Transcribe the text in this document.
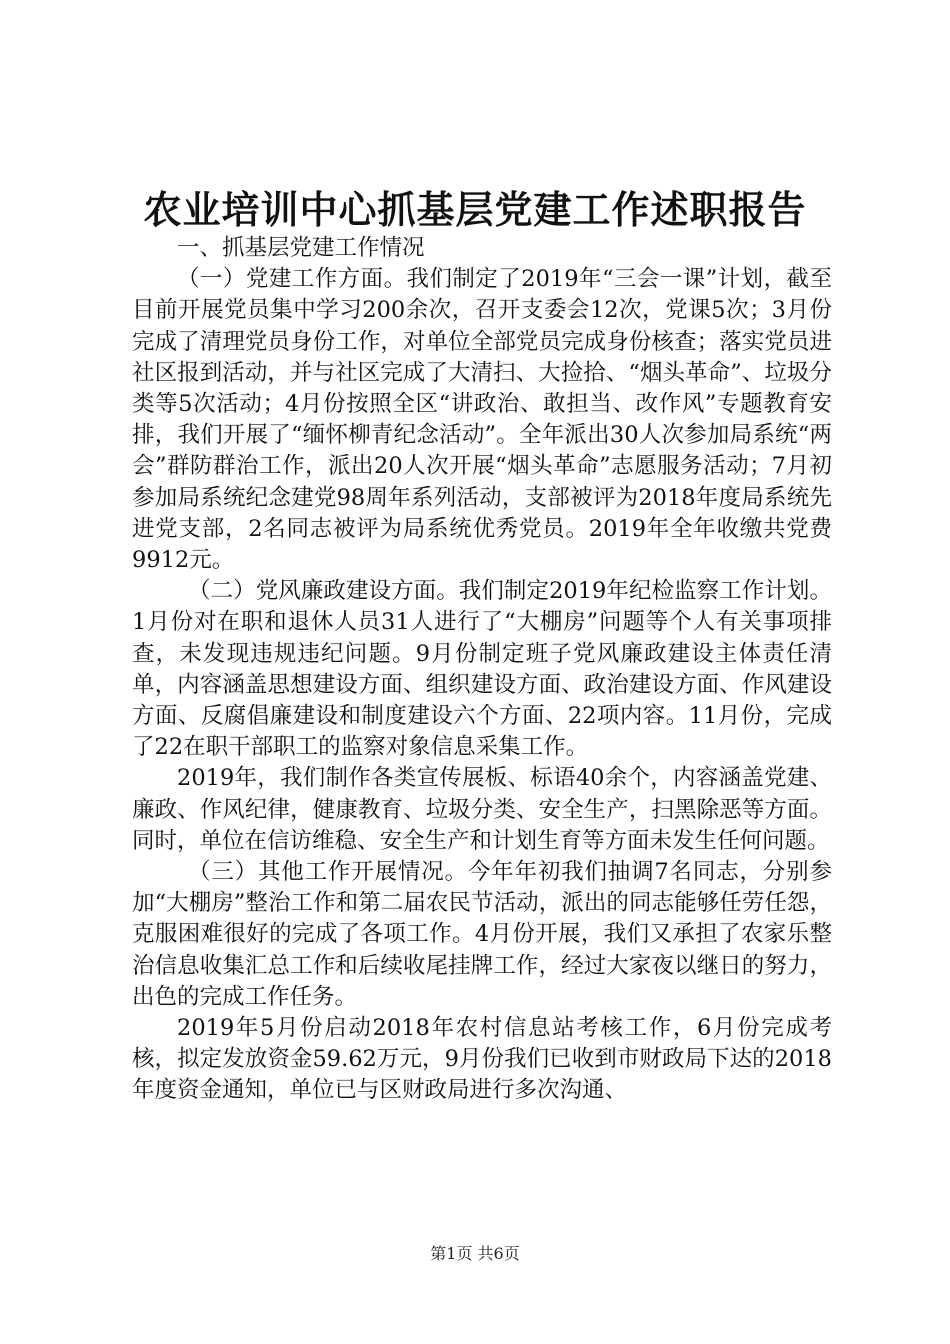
农业培训中心抓基层党建工作述职报告

一、抓基层党建工作情况

（一）党建工作方面。我们制定了2019年“三会一课”计划，截至目前开展党员集中学习200余次，召开支委会12次，党课5次；3月份完成了清理党员身份工作，对单位全部党员完成身份核查；落实党员进社区报到活动，并与社区完成了大清扫、大捡拾、“烟头革命”、垃圾分类等5次活动；4月份按照全区“讲政治、敢担当、改作风”专题教育安排，我们开展了“缅怀柳青纪念活动”。全年派出30人次参加局系统“两会”群防群治工作，派出20人次开展“烟头革命”志愿服务活动；7月初参加局系统纪念建党98周年系列活动，支部被评为2018年度局系统先进党支部，2名同志被评为局系统优秀党员。2019年全年收缴共党费9912元。

（二）党风廉政建设方面。我们制定2019年纪检监察工作计划。1月份对在职和退休人员31人进行了“大棚房”问题等个人有关事项排查，未发现违规违纪问题。9月份制定班子党风廉政建设主体责任清单，内容涵盖思想建设方面、组织建设方面、政治建设方面、作风建设方面、反腐倡廉建设和制度建设六个方面、22项内容。11月份，完成了22在职干部职工的监察对象信息采集工作。

2019年，我们制作各类宣传展板、标语40余个，内容涵盖党建、廉政、作风纪律，健康教育、垃圾分类、安全生产，扫黑除恶等方面。同时，单位在信访维稳、安全生产和计划生育等方面未发生任何问题。

（三）其他工作开展情况。今年年初我们抽调7名同志，分别参加“大棚房”整治工作和第二届农民节活动，派出的同志能够任劳任怨，克服困难很好的完成了各项工作。4月份开展，我们又承担了农家乐整治信息收集汇总工作和后续收尾挂牌工作，经过大家夜以继日的努力，出色的完成工作任务。

2019年5月份启动2018年农村信息站考核工作，6月份完成考核，拟定发放资金59.62万元，9月份我们已收到市财政局下达的2018年度资金通知，单位已与区财政局进行多次沟通、

第1页 共6页
